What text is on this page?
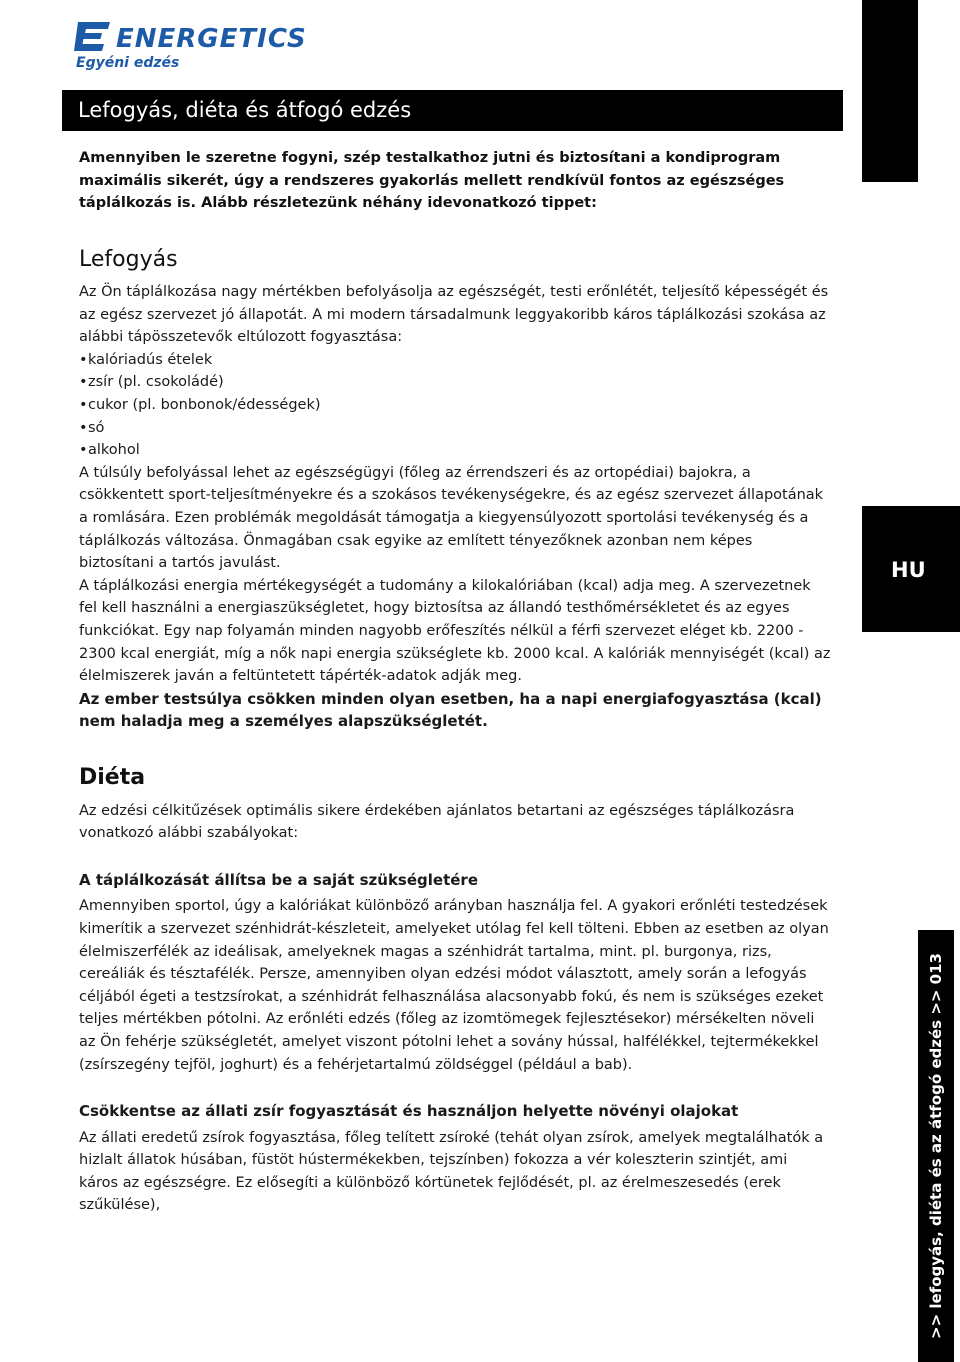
ENERGETICS
Egyéni edzés
HU
>> lefogyás, diéta és az átfogó edzés >> 013
Lefogyás, diéta és átfogó edzés

Amennyiben le szeretne fogyni, szép testalkathoz jutni és biztosítani a kondiprogram maximális sikerét, úgy a rendszeres gyakorlás mellett rendkívül fontos az egészséges táplálkozás is. Alább részletezünk néhány idevonatkozó tippet:

Lefogyás

Az Ön táplálkozása nagy mértékben befolyásolja az egészségét, testi erőnlétét, teljesítő képességét és az egész szervezet jó állapotát. A mi modern társadalmunk leggyakoribb káros táplálkozási szokása az alábbi tápösszetevők eltúlozott fogyasztása:

• kalóriadús ételek
• zsír (pl. csokoládé)
• cukor (pl. bonbonok/édességek)
• só
• alkohol

A túlsúly befolyással lehet az egészségügyi (főleg az érrendszeri és az ortopédiai) bajokra, a csökkentett sport-teljesítményekre és a szokásos tevékenységekre, és az egész szervezet állapotának a romlására. Ezen problémák megoldását támogatja a kiegyensúlyozott sportolási tevékenység és a táplálkozás változása. Önmagában csak egyike az említett tényezőknek azonban nem képes biztosítani a tartós javulást.

A táplálkozási energia mértékegységét a tudomány a kilokalóriában (kcal) adja meg. A szervezetnek fel kell használni a energiaszükségletet, hogy biztosítsa az állandó testhőmérsékletet és az egyes funkciókat. Egy nap folyamán minden nagyobb erőfeszítés nélkül a férfi szervezet eléget kb. 2200 - 2300 kcal energiát, míg a nők napi energia szükséglete kb. 2000 kcal. A kalóriák mennyiségét (kcal) az élelmiszerek javán a feltüntetett tápérték-adatok adják meg.

Az ember testsúlya csökken minden olyan esetben, ha a napi energiafogyasztása (kcal) nem haladja meg a személyes alapszükségletét.

Diéta

Az edzési célkitűzések optimális sikere érdekében ajánlatos betartani az egészséges táplálkozásra vonatkozó alábbi szabályokat:

A táplálkozását állítsa be a saját szükségletére

Amennyiben sportol, úgy a kalóriákat különböző arányban használja fel. A gyakori erőnléti testedzések kimerítik a szervezet szénhidrát-készleteit, amelyeket utólag fel kell tölteni. Ebben az esetben az olyan élelmiszerfélék az ideálisak, amelyeknek magas a szénhidrát tartalma, mint. pl. burgonya, rizs, cereáliák és tésztafélék. Persze, amennyiben olyan edzési módot választott, amely során a lefogyás céljából égeti a testzsírokat, a szénhidrát felhasználása alacsonyabb fokú, és nem is szükséges ezeket teljes mértékben pótolni. Az erőnléti edzés (főleg az izomtömegek fejlesztésekor) mérsékelten növeli az Ön fehérje szükségletét, amelyet viszont pótolni lehet a sovány hússal, halfélékkel, tejtermékekkel (zsírszegény tejföl, joghurt) és a fehérjetartalmú zöldséggel (például a bab).

Csökkentse az állati zsír fogyasztását és használjon helyette növényi olajokat

Az állati eredetű zsírok fogyasztása, főleg telített zsíroké (tehát olyan zsírok, amelyek megtalálhatók a hizlalt állatok húsában, füstöt hústermékekben, tejszínben) fokozza a vér koleszterin szintjét, ami káros az egészségre. Ez elősegíti a különböző kórtünetek fejlődését, pl. az érelmeszesedés (erek szűkülése),
